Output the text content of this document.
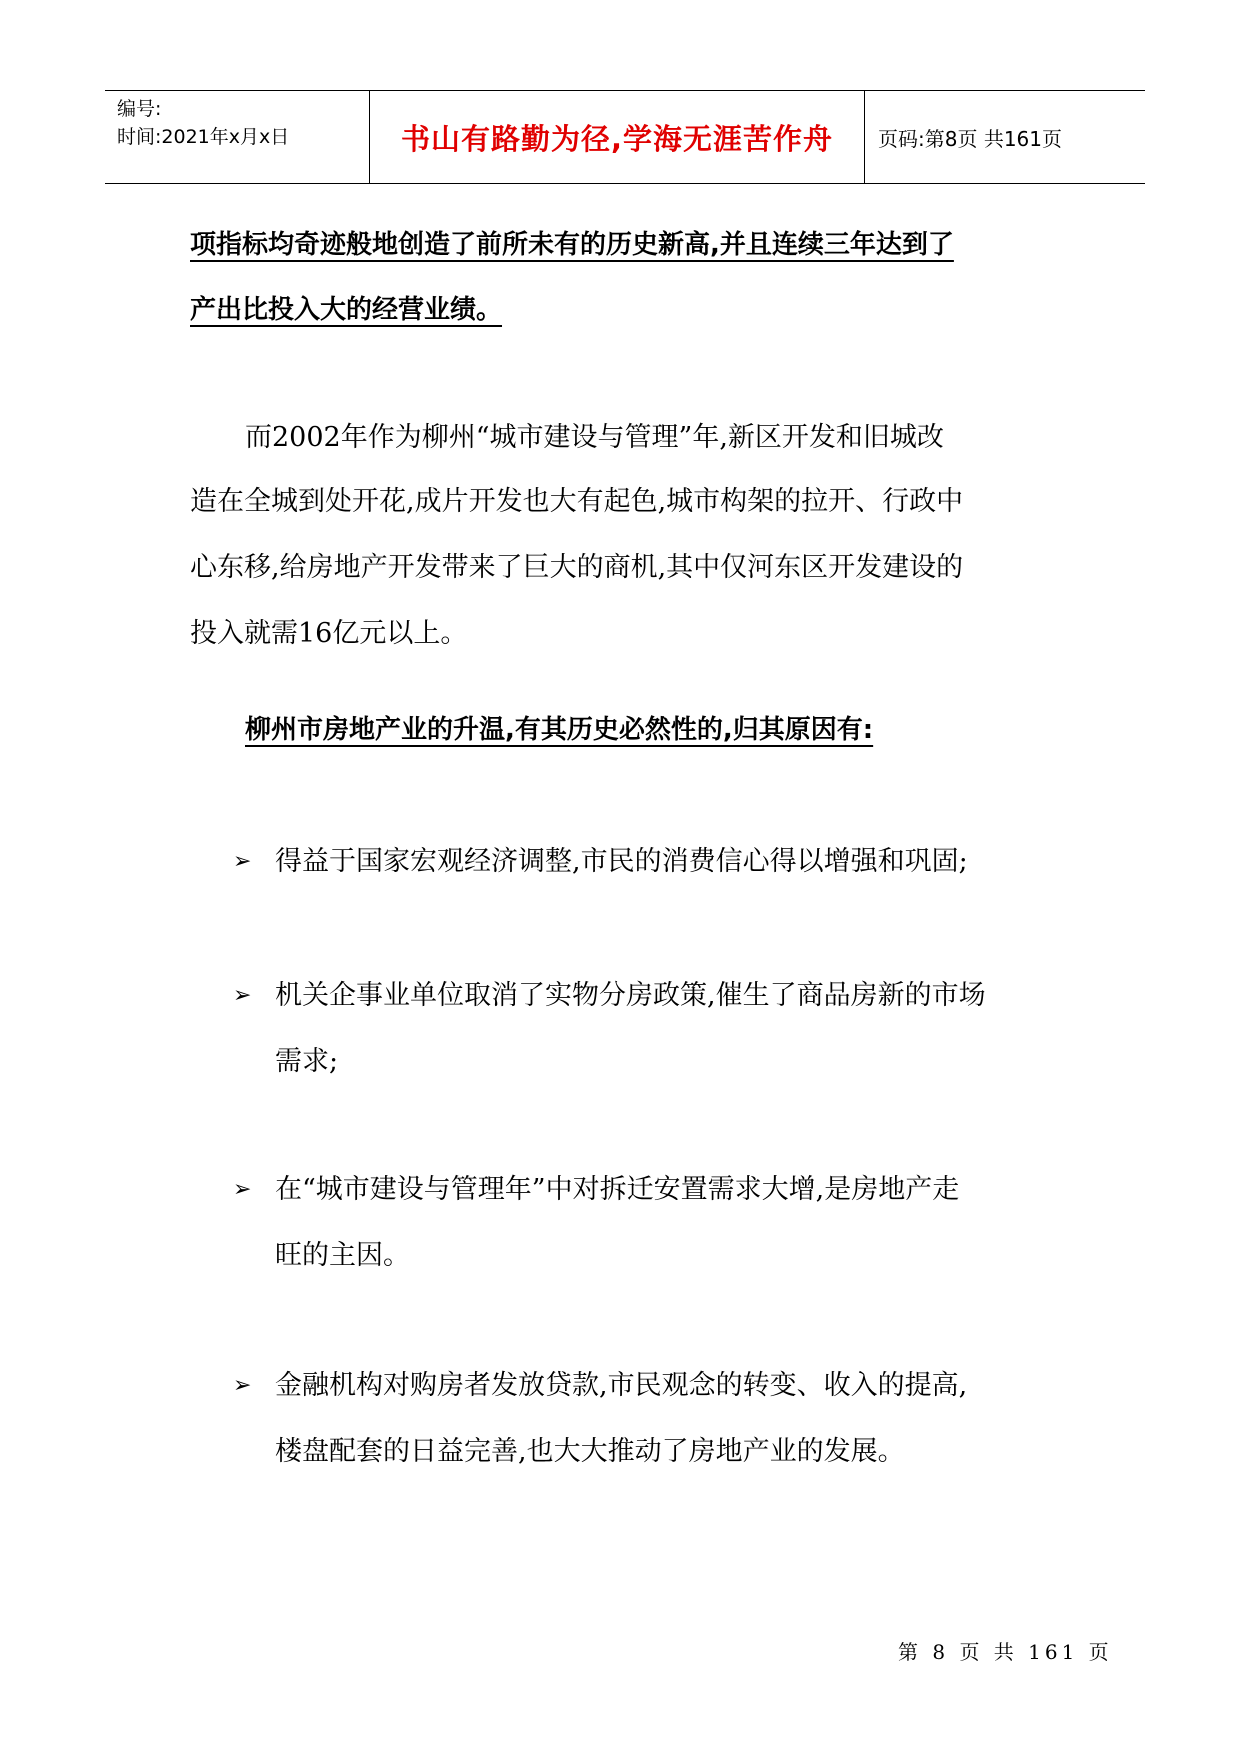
编号:
时间:2021年x月x日	书山有路勤为径,学海无涯苦作舟	页码:第8页 共161页
项指标均奇迹般地创造了前所未有的历史新高,并且连续三年达到了
产出比投入大的经营业绩。
而2002年作为柳州“城市建设与管理”年,新区开发和旧城改
造在全城到处开花,成片开发也大有起色,城市构架的拉开、行政中
心东移,给房地产开发带来了巨大的商机,其中仅河东区开发建设的
投入就需16亿元以上。
柳州市房地产业的升温,有其历史必然性的,归其原因有:
➢ 得益于国家宏观经济调整,市民的消费信心得以增强和巩固;
➢ 机关企事业单位取消了实物分房政策,催生了商品房新的市场
需求;
➢ 在“城市建设与管理年”中对拆迁安置需求大增,是房地产走
旺的主因。
➢ 金融机构对购房者发放贷款,市民观念的转变、收入的提高,
楼盘配套的日益完善,也大大推动了房地产业的发展。
第 8 页 共 161 页
